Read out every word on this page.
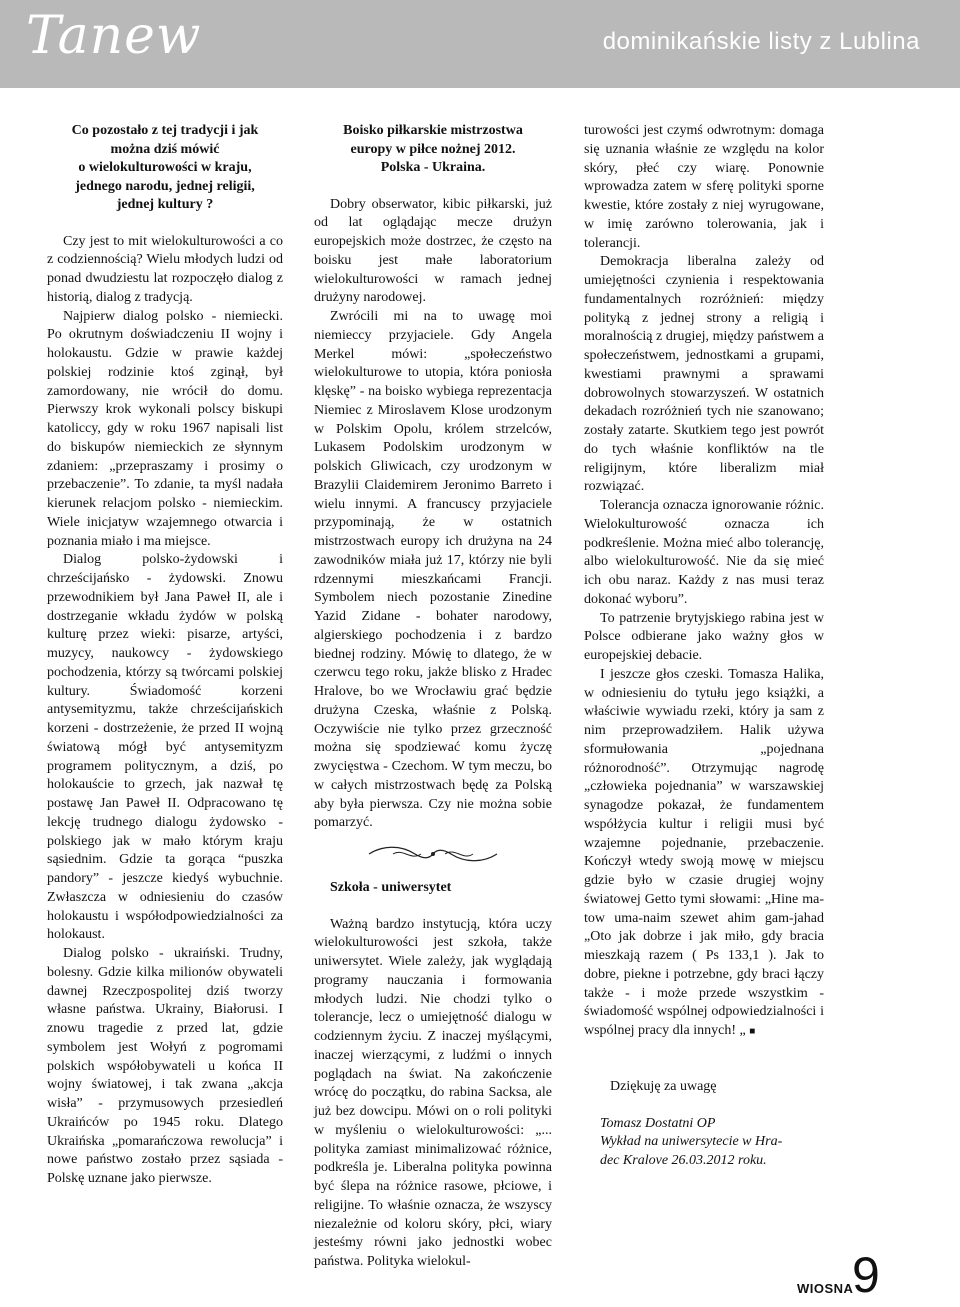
Tanew	dominikańskie listy z Lublina
Co pozostało z tej tradycji i jak
można dziś mówić
o wielokulturowości w kraju,
jednego narodu, jednej religii,
jednej kultury ?

Czy jest to mit wielokulturowości a co z codziennością? Wielu młodych ludzi od ponad dwudziestu lat rozpoczęło dialog z historią, dialog z tradycją.

Najpierw dialog polsko - niemiecki. Po okrutnym doświadczeniu II wojny i holokaustu. Gdzie w prawie każdej polskiej rodzinie ktoś zginął, był zamordowany, nie wrócił do domu. Pierwszy krok wykonali polscy biskupi katoliccy, gdy w roku 1967 napisali list do biskupów niemieckich ze słynnym zdaniem: „przepraszamy i prosimy o przebaczenie”. To zdanie, ta myśl nadała kierunek relacjom polsko - niemieckim. Wiele inicjatyw wzajemnego otwarcia i poznania miało i ma miejsce.

Dialog polsko-żydowski i chrześcijańsko - żydowski. Znowu przewodnikiem był Jana Paweł II, ale i dostrzeganie wkładu żydów w polską kulturę przez wieki: pisarze, artyści, muzycy, naukowcy - żydowskiego pochodzenia, którzy są twórcami polskiej kultury. Świadomość korzeni antysemityzmu, także chrześcijańskich korzeni - dostrzeżenie, że przed II wojną światową mógł być antysemityzm programem politycznym, a dziś, po holokauście to grzech, jak nazwał tę postawę Jan Paweł II. Odpracowano tę lekcję trudnego dialogu żydowsko - polskiego jak w mało którym kraju sąsiednim. Gdzie ta gorąca “puszka pandory” - jeszcze kiedyś wybuchnie. Zwłaszcza w odniesieniu do czasów holokaustu i współodpowiedzialności za holokaust.

Dialog polsko - ukraiński. Trudny, bolesny. Gdzie kilka milionów obywateli dawnej Rzeczpospolitej dziś tworzy własne państwa. Ukrainy, Białorusi. I znowu tragedie z przed lat, gdzie symbolem jest Wołyń z pogromami polskich współobywateli u końca II wojny światowej, i tak zwana „akcja wisła” - przymusowych przesiedleń Ukraińców po 1945 roku. Dlatego Ukraińska „pomarańczowa rewolucja” i nowe państwo zostało przez sąsiada - Polskę uznane jako pierwsze.

Boisko piłkarskie mistrzostwa
europy w piłce nożnej 2012.
Polska - Ukraina.

Dobry obserwator, kibic piłkarski, już od lat oglądając mecze drużyn europejskich może dostrzec, że często na boisku jest małe laboratorium wielokulturowości w ramach jednej drużyny narodowej.

Zwrócili mi na to uwagę moi niemieccy przyjaciele. Gdy Angela Merkel mówi: „społeczeństwo wielokulturowe to utopia, która poniosła klęskę” - na boisko wybiega reprezentacja Niemiec z Miroslavem Klose urodzonym w Polskim Opolu, królem strzelców, Lukasem Podolskim urodzonym w polskich Gliwicach, czy urodzonym w Brazylii Claidemirem Jeronimo Barreto i wielu innymi. A francuscy przyjaciele przypominają, że w ostatnich mistrzostwach europy ich drużyna na 24 zawodników miała już 17, którzy nie byli rdzennymi mieszkańcami Francji. Symbolem niech pozostanie Zinedine Yazid Zidane - bohater narodowy, algierskiego pochodzenia i z bardzo biednej rodziny. Mówię to dlatego, że w czerwcu tego roku, jakże blisko z Hradec Hralove, bo we Wrocławiu grać będzie drużyna Czeska, właśnie z Polską. Oczywiście nie tylko przez grzeczność można się spodziewać komu życzę zwycięstwa - Czechom. W tym meczu, bo w całych mistrzostwach będę za Polską aby była pierwsza. Czy nie można sobie pomarzyć.

Szkoła - uniwersytet

Ważną bardzo instytucją, która uczy wielokulturowości jest szkoła, także uniwersytet. Wiele zależy, jak wyglądają programy nauczania i formowania młodych ludzi. Nie chodzi tylko o tolerancje, lecz o umiejętność dialogu w codziennym życiu. Z inaczej myślącymi, inaczej wierzącymi, z ludźmi o innych poglądach na świat. Na zakończenie wrócę do początku, do rabina Sacksa, ale już bez dowcipu. Mówi on o roli polityki w myśleniu o wielokulturowości: „... polityka zamiast minimalizować różnice, podkreśla je. Liberalna polityka powinna być ślepa na różnice rasowe, płciowe, i religijne. To właśnie oznacza, że wszyscy niezależnie od koloru skóry, płci, wiary jesteśmy równi jako jednostki wobec państwa. Polityka wielokul-

turowości jest czymś odwrotnym: domaga się uznania właśnie ze względu na kolor skóry, płeć czy wiarę. Ponownie wprowadza zatem w sferę polityki sporne kwestie, które zostały z niej wyrugowane, w imię zarówno tolerowania, jak i tolerancji.

Demokracja liberalna zależy od umiejętności czynienia i respektowania fundamentalnych rozróżnień: między polityką z jednej strony a religią i moralnością z drugiej, między państwem a społeczeństwem, jednostkami a grupami, kwestiami prawnymi a sprawami dobrowolnych stowarzyszeń. W ostatnich dekadach rozróżnień tych nie szanowano; zostały zatarte. Skutkiem tego jest powrót do tych właśnie konfliktów na tle religijnym, które liberalizm miał rozwiązać.

Tolerancja oznacza ignorowanie różnic. Wielokulturowość oznacza ich podkreślenie. Można mieć albo tolerancję, albo wielokulturowość. Nie da się mieć ich obu naraz. Każdy z nas musi teraz dokonać wyboru”.

To patrzenie brytyjskiego rabina jest w Polsce odbierane jako ważny głos w europejskiej debacie.

I jeszcze głos czeski. Tomasza Halika, w odniesieniu do tytułu jego książki, a właściwie wywiadu rzeki, który ja sam z nim przeprowadziłem. Halik używa sformułowania „pojednana różnorodność”. Otrzymując nagrodę „człowieka pojednania” w warszawskiej synagodze pokazał, że fundamentem współżycia kultur i religii musi być wzajemne pojednanie, przebaczenie. Kończył wtedy swoją mowę w miejscu gdzie było w czasie drugiej wojny światowej Getto tymi słowami: „Hine ma-tow uma-naim szewet ahim gam-jahad „Oto jak dobrze i jak miło, gdy bracia mieszkają razem ( Ps 133,1 ). Jak to dobre, piekne i potrzebne, gdy braci łączy także - i może przede wszystkim - świadomość wspólnej odpowiedzialności i wspólnej pracy dla innych! „ ■

Dziękuję za uwagę

Tomasz Dostatni OP

Wykład na uniwersytecie w Hra-

dec Kralove 26.03.2012 roku.

WIOSNA
9
